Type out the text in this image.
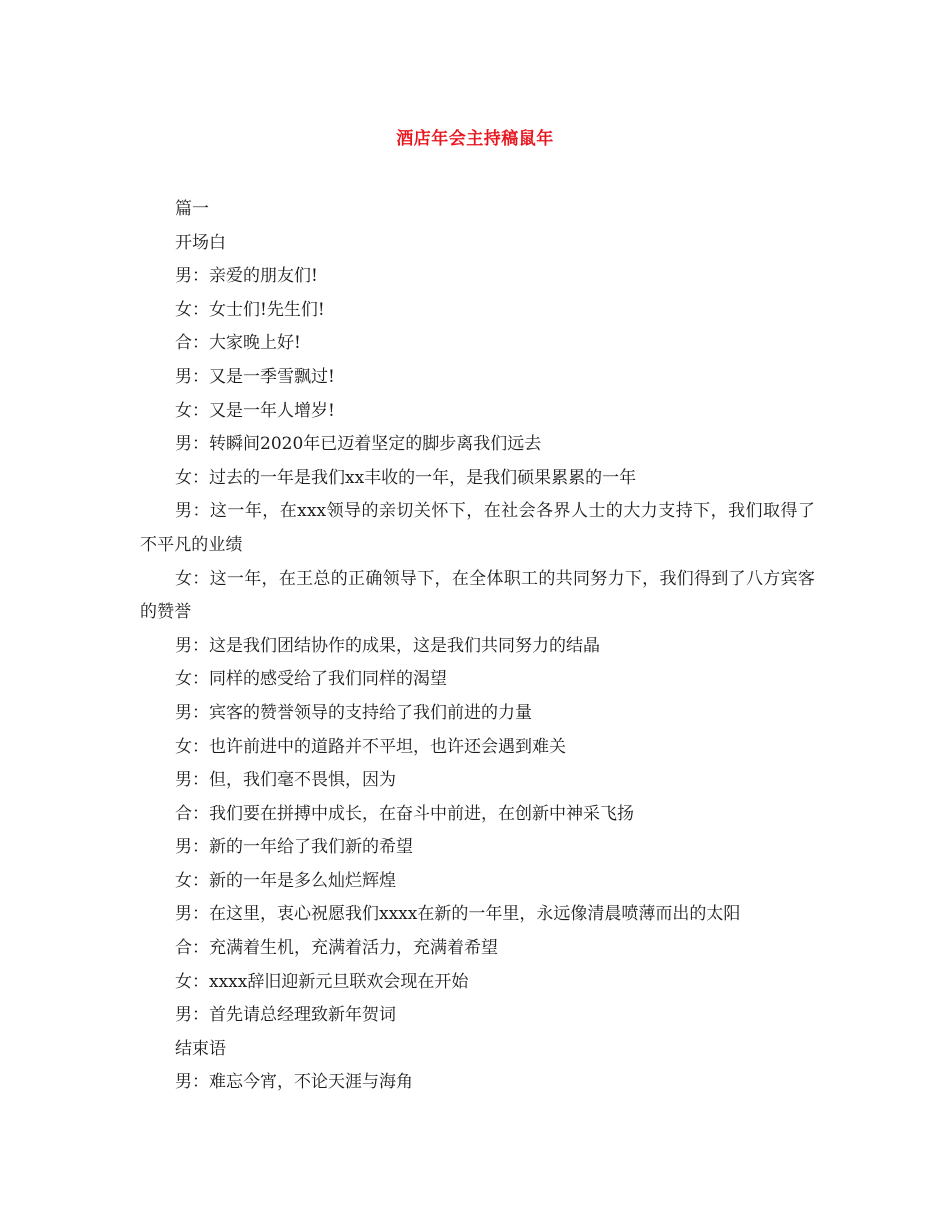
酒店年会主持稿鼠年

篇一

开场白

男：亲爱的朋友们!

女：女士们!先生们!

合：大家晚上好!

男：又是一季雪飘过!

女：又是一年人增岁!

男：转瞬间2020年已迈着坚定的脚步离我们远去

女：过去的一年是我们xx丰收的一年，是我们硕果累累的一年

男：这一年，在xxx领导的亲切关怀下，在社会各界人士的大力支持下，我们取得了不平凡的业绩

女：这一年，在王总的正确领导下，在全体职工的共同努力下，我们得到了八方宾客的赞誉

男：这是我们团结协作的成果，这是我们共同努力的结晶

女：同样的感受给了我们同样的渴望

男：宾客的赞誉领导的支持给了我们前进的力量

女：也许前进中的道路并不平坦，也许还会遇到难关

男：但，我们毫不畏惧，因为

合：我们要在拼搏中成长，在奋斗中前进，在创新中神采飞扬

男：新的一年给了我们新的希望

女：新的一年是多么灿烂辉煌

男：在这里，衷心祝愿我们xxxx在新的一年里，永远像清晨喷薄而出的太阳

合：充满着生机，充满着活力，充满着希望

女：xxxx辞旧迎新元旦联欢会现在开始

男：首先请总经理致新年贺词

结束语

男：难忘今宵，不论天涯与海角
